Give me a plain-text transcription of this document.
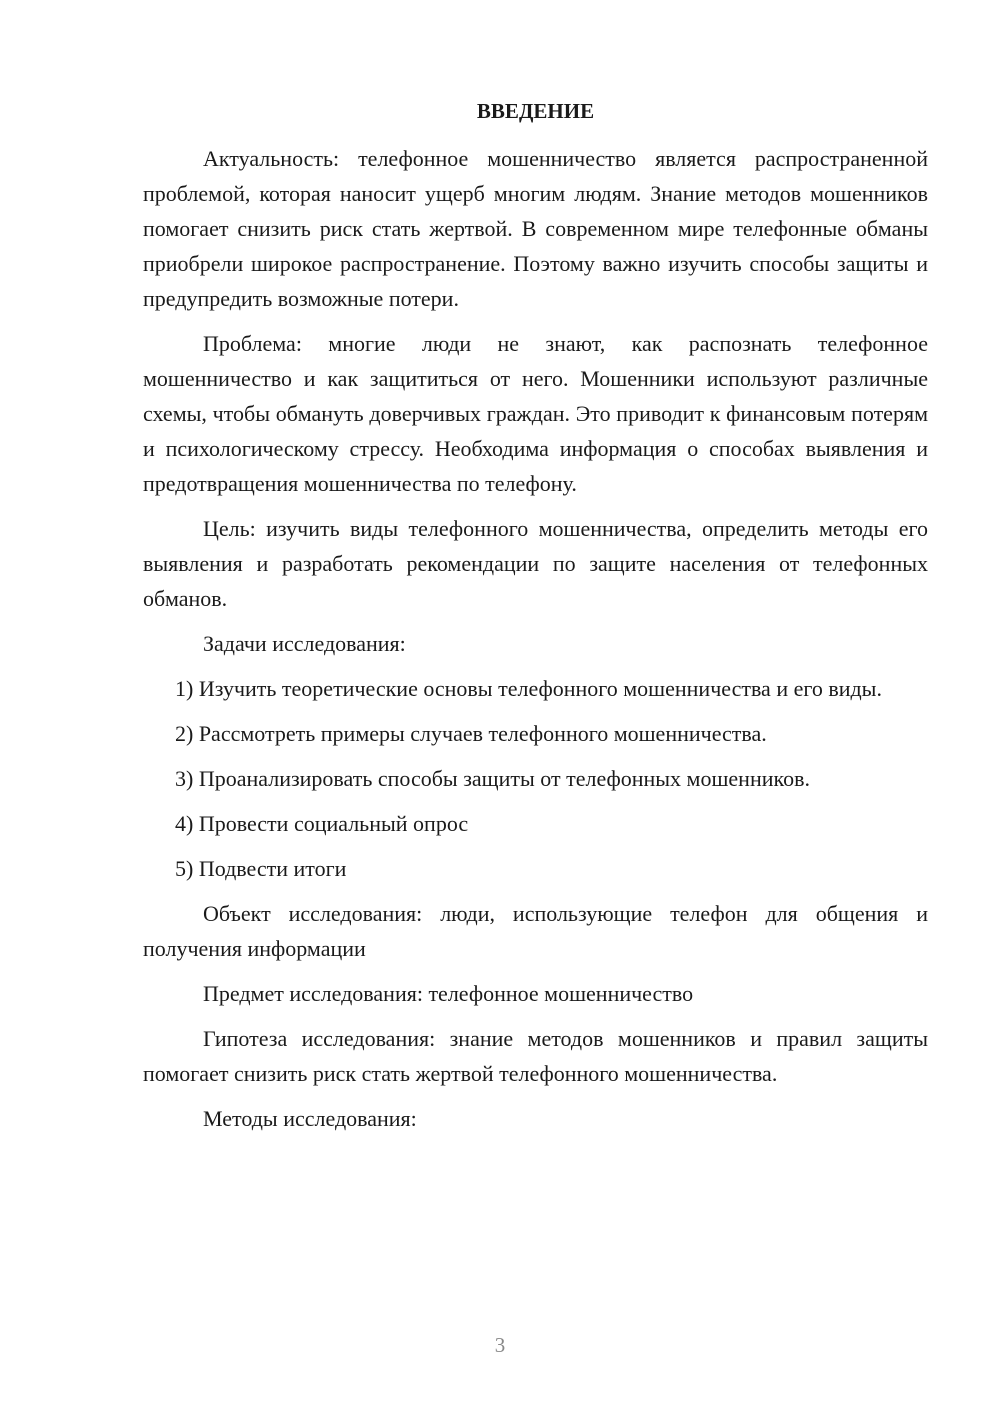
ВВЕДЕНИЕ

Актуальность: телефонное мошенничество является распространенной проблемой, которая наносит ущерб многим людям. Знание методов мошенников помогает снизить риск стать жертвой. В современном мире телефонные обманы приобрели широкое распространение. Поэтому важно изучить способы защиты и предупредить возможные потери.

Проблема: многие люди не знают, как распознать телефонное мошенничество и как защититься от него. Мошенники используют различные схемы, чтобы обмануть доверчивых граждан. Это приводит к финансовым потерям и психологическому стрессу. Необходима информация о способах выявления и предотвращения мошенничества по телефону.

Цель: изучить виды телефонного мошенничества, определить методы его выявления и разработать рекомендации по защите населения от телефонных обманов.

Задачи исследования:

1) Изучить теоретические основы телефонного мошенничества и его виды.

2) Рассмотреть примеры случаев телефонного мошенничества.

3) Проанализировать способы защиты от телефонных мошенников.

4) Провести социальный опрос

5) Подвести итоги

Объект исследования: люди, использующие телефон для общения и получения информации

Предмет исследования: телефонное мошенничество

Гипотеза исследования: знание методов мошенников и правил защиты помогает снизить риск стать жертвой телефонного мошенничества.

Методы исследования:

3
